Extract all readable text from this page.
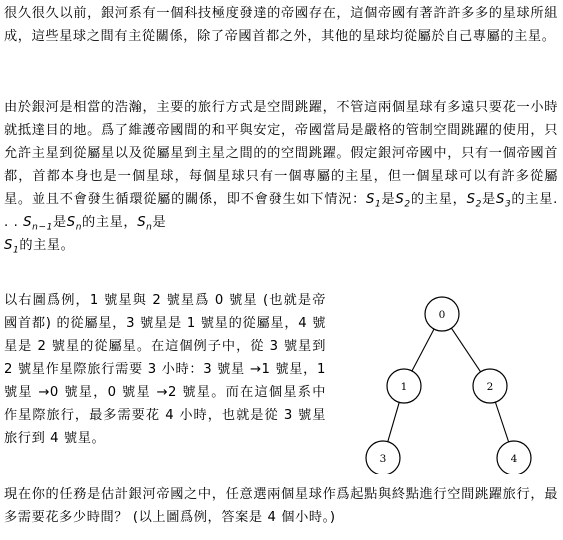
很久很久以前，銀河系有一個科技極度發達的帝國存在，這個帝國有著許許多多的星球所組成，這些星球之間有主從關係，除了帝國首都之外，其他的星球均從屬於自己專屬的主星。

由於銀河是相當的浩瀚，主要的旅行方式是空間跳躍，不管這兩個星球有多遠只要花一小時就抵達目的地。爲了維護帝國間的和平與安定，帝國當局是嚴格的管制空間跳躍的使用，只允許主星到從屬星以及從屬星到主星之間的的空間跳躍。假定銀河帝國中，只有一個帝國首都，首都本身也是一個星球，每個星球只有一個專屬的主星，但一個星球可以有許多從屬星。並且不會發生循環從屬的關係，即不會發生如下情況：$S_1$是$S_2$的主星，$S_2$是$S_3$的主星. . . $S_{n-1}$是$S_n$的主星，$S_n$是
$S_1$的主星。

以右圖爲例，1 號星與 2 號星爲 0 號星 (也就是帝國首都) 的從屬星，3 號星是 1 號星的從屬星，4 號星是 2 號星的從屬星。在這個例子中，從 3 號星到 2 號星作星際旅行需要 3 小時：3 號星 →1 號星，1 號星 →0 號星，0 號星 →2 號星。而在這個星系中作星際旅行，最多需要花 4 小時，也就是從 3 號星旅行到 4 號星。

0
1	2
3	4

現在你的任務是估計銀河帝國之中，任意選兩個星球作爲起點與終點進行空間跳躍旅行，最多需要花多少時間？ (以上圖爲例，答案是 4 個小時。)
